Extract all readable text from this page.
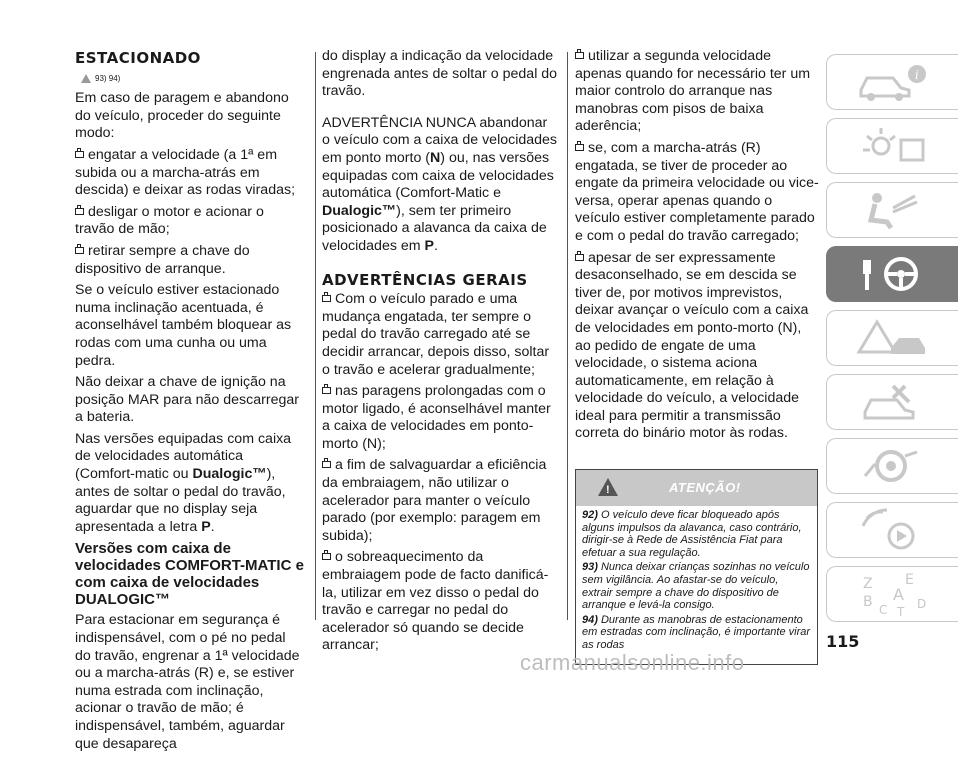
ESTACIONADO
93) 94)

Em caso de paragem e abandono do veículo, proceder do seguinte modo:

engatar a velocidade (a 1ª em subida ou a marcha-atrás em descida) e deixar as rodas viradas;

desligar o motor e acionar o travão de mão;

retirar sempre a chave do dispositivo de arranque.

Se o veículo estiver estacionado numa inclinação acentuada, é aconselhável também bloquear as rodas com uma cunha ou uma pedra.

Não deixar a chave de ignição na posição MAR para não descarregar a bateria.

Nas versões equipadas com caixa de velocidades automática (Comfort-matic ou Dualogic™), antes de soltar o pedal do travão, aguardar que no display seja apresentada a letra P.

Versões com caixa de velocidades COMFORT-MATIC e com caixa de velocidades DUALOGIC™

Para estacionar em segurança é indispensável, com o pé no pedal do travão, engrenar a 1ª velocidade ou a marcha-atrás (R) e, se estiver numa estrada com inclinação, acionar o travão de mão; é indispensável, também, aguardar que desapareça

do display a indicação da velocidade engrenada antes de soltar o pedal do travão.

ADVERTÊNCIA NUNCA abandonar o veículo com a caixa de velocidades em ponto morto (N) ou, nas versões equipadas com caixa de velocidades automática (Comfort-Matic e Dualogic™), sem ter primeiro posicionado a alavanca da caixa de velocidades em P.

ADVERTÊNCIAS GERAIS

Com o veículo parado e uma mudança engatada, ter sempre o pedal do travão carregado até se decidir arrancar, depois disso, soltar o travão e acelerar gradualmente;

nas paragens prolongadas com o motor ligado, é aconselhável manter a caixa de velocidades em ponto-morto (N);

a fim de salvaguardar a eficiência da embraiagem, não utilizar o acelerador para manter o veículo parado (por exemplo: paragem em subida);

o sobreaquecimento da embraiagem pode de facto danificá-la, utilizar em vez disso o pedal do travão e carregar no pedal do acelerador só quando se decide arrancar;

utilizar a segunda velocidade apenas quando for necessário ter um maior controlo do arranque nas manobras com pisos de baixa aderência;

se, com a marcha-atrás (R) engatada, se tiver de proceder ao engate da primeira velocidade ou vice-versa, operar apenas quando o veículo estiver completamente parado e com o pedal do travão carregado;

apesar de ser expressamente desaconselhado, se em descida se tiver de, por motivos imprevistos, deixar avançar o veículo com a caixa de velocidades em ponto-morto (N), ao pedido de engate de uma velocidade, o sistema aciona automaticamente, em relação à velocidade do veículo, a velocidade ideal para permitir a transmissão correta do binário motor às rodas.

!	ATENÇÃO!

92) O veículo deve ficar bloqueado após alguns impulsos da alavanca, caso contrário, dirigir-se à Rede de Assistência Fiat para efetuar a sua regulação.

93) Nunca deixar crianças sozinhas no veículo sem vigilância. Ao afastar-se do veículo, extrair sempre a chave do dispositivo de arranque e levá-la consigo.

94) Durante as manobras de estacionamento em estradas com inclinação, é importante virar as rodas

i
Z E
B A
C T
D
115
carmanualsonline.info
